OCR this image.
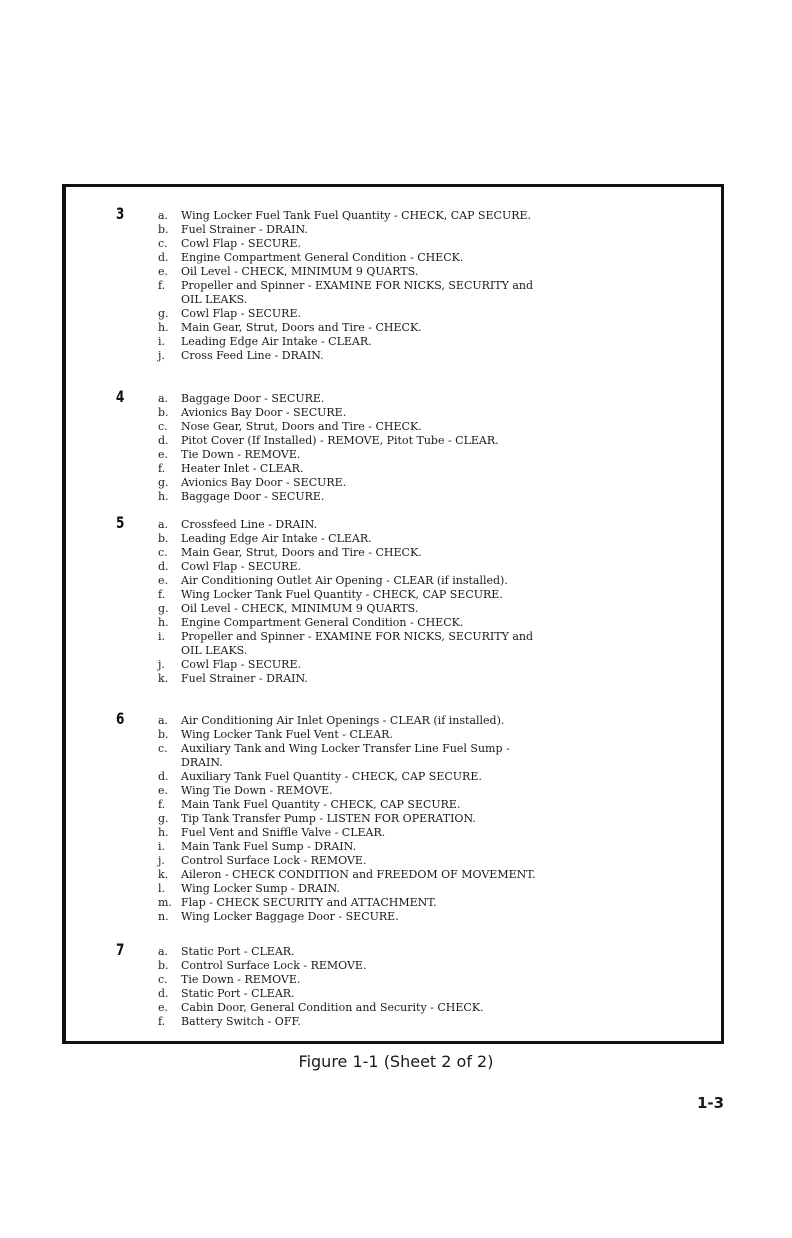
3	a.	Wing Locker Fuel Tank Fuel Quantity - CHECK, CAP SECURE.
b.	Fuel Strainer - DRAIN.
c.	Cowl Flap - SECURE.
d.	Engine Compartment General Condition - CHECK.
e.	Oil Level - CHECK, MINIMUM 9 QUARTS.
f.	Propeller and Spinner - EXAMINE FOR NICKS, SECURITY and
OIL LEAKS.
g.	Cowl Flap - SECURE.
h.	Main Gear, Strut, Doors and Tire - CHECK.
i.	Leading Edge Air Intake - CLEAR.
j.	Cross Feed Line - DRAIN.
4	a.	Baggage Door - SECURE.
b.	Avionics Bay Door - SECURE.
c.	Nose Gear, Strut, Doors and Tire - CHECK.
d.	Pitot Cover (If Installed) - REMOVE, Pitot Tube - CLEAR.
e.	Tie Down - REMOVE.
f.	Heater Inlet - CLEAR.
g.	Avionics Bay Door - SECURE.
h.	Baggage Door - SECURE.
5	a.	Crossfeed Line - DRAIN.
b.	Leading Edge Air Intake - CLEAR.
c.	Main Gear, Strut, Doors and Tire - CHECK.
d.	Cowl Flap - SECURE.
e.	Air Conditioning Outlet Air Opening - CLEAR (if installed).
f.	Wing Locker Tank Fuel Quantity - CHECK, CAP SECURE.
g.	Oil Level - CHECK, MINIMUM 9 QUARTS.
h.	Engine Compartment General Condition - CHECK.
i.	Propeller and Spinner - EXAMINE FOR NICKS, SECURITY and
OIL LEAKS.
j.	Cowl Flap - SECURE.
k.	Fuel Strainer - DRAIN.
6	a.	Air Conditioning Air Inlet Openings - CLEAR (if installed).
b.	Wing Locker Tank Fuel Vent - CLEAR.
c.	Auxiliary Tank and Wing Locker Transfer Line Fuel Sump -
DRAIN.
d.	Auxiliary Tank Fuel Quantity - CHECK, CAP SECURE.
e.	Wing Tie Down - REMOVE.
f.	Main Tank Fuel Quantity - CHECK, CAP SECURE.
g.	Tip Tank Transfer Pump - LISTEN FOR OPERATION.
h.	Fuel Vent and Sniffle Valve - CLEAR.
i.	Main Tank Fuel Sump - DRAIN.
j.	Control Surface Lock - REMOVE.
k.	Aileron - CHECK CONDITION and FREEDOM OF MOVEMENT.
l.	Wing Locker Sump - DRAIN.
m. Flap - CHECK SECURITY and ATTACHMENT.
n.	Wing Locker Baggage Door - SECURE.
7	a.	Static Port - CLEAR.
b.	Control Surface Lock - REMOVE.
c.	Tie Down - REMOVE.
d.	Static Port - CLEAR.
e.	Cabin Door, General Condition and Security - CHECK.
f.	Battery Switch - OFF.
Figure 1-1 (Sheet 2 of 2)
1-3
